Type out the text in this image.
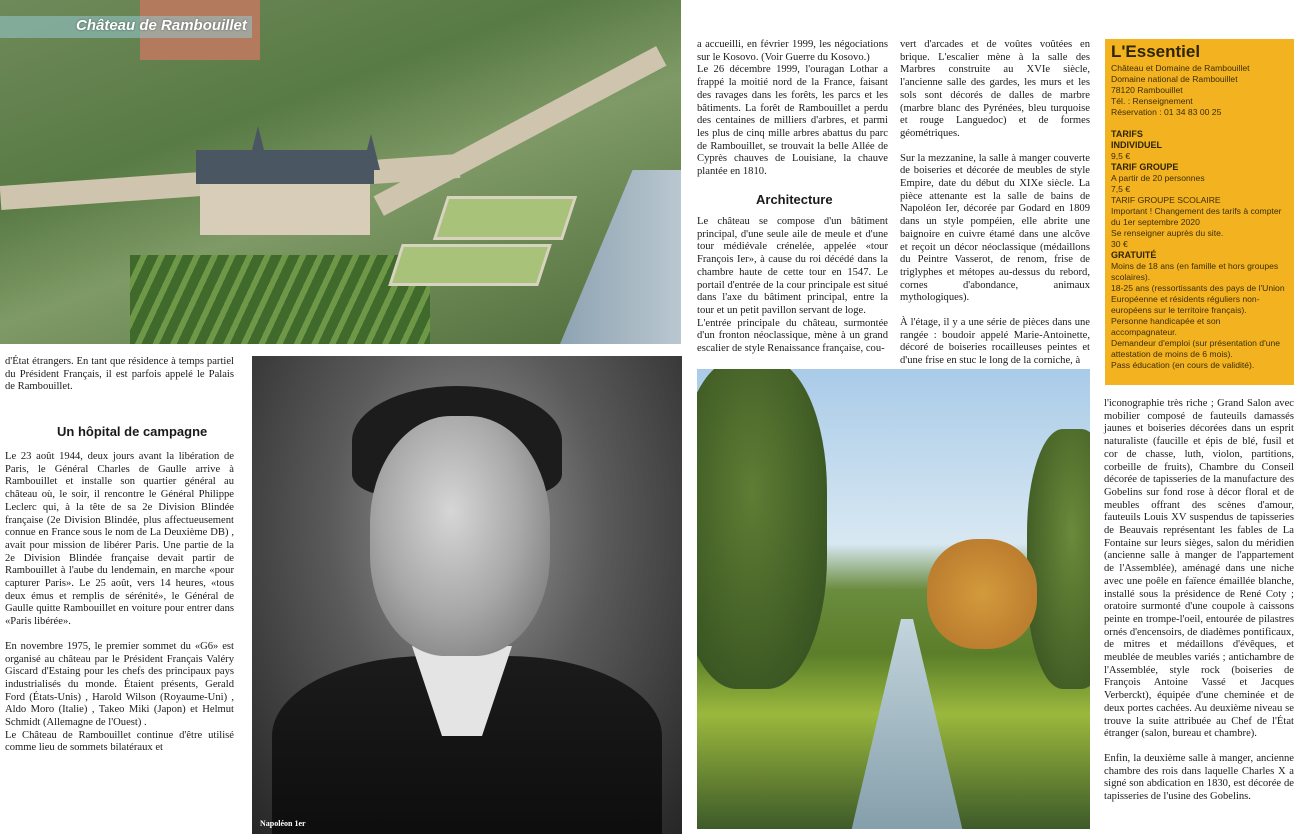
Château de Rambouillet

d'État étrangers. En tant que résidence à temps partiel du Président Français, il est parfois appelé le Palais de Rambouillet.

Un hôpital de campagne

Le 23 août 1944, deux jours avant la libération de Paris, le Général Charles de Gaulle arrive à Rambouillet et installe son quartier général au château où, le soir, il rencontre le Général Philippe Leclerc qui, à la tête de sa 2e Division Blindée française (2e Division Blindée, plus affectueusement connue en France sous le nom de La Deuxième DB) , avait pour mission de libérer Paris. Une partie de la 2e Division Blindée française devait partir de Rambouillet à l'aube du lendemain, en marche «pour capturer Paris». Le 25 août, vers 14 heures, «tous deux émus et remplis de sérénité», le Général de Gaulle quitte Rambouillet en voiture pour entrer dans «Paris libérée».

En novembre 1975, le premier sommet du «G6» est organisé au château par le Président Français Valéry Giscard d'Estaing pour les chefs des principaux pays industrialisés du monde. Étaient présents, Gerald Ford (États-Unis) , Harold Wilson (Royaume-Uni) , Aldo Moro (Italie) , Takeo Miki (Japon) et Helmut Schmidt (Allemagne de l'Ouest) .

Le Château de Rambouillet continue d'être utilisé comme lieu de sommets bilatéraux et

Napoléon 1er

a accueilli, en février 1999, les négociations sur le Kosovo. (Voir Guerre du Kosovo.)

Le 26 décembre 1999, l'ouragan Lothar a frappé la moitié nord de la France, faisant des ravages dans les forêts, les parcs et les bâtiments. La forêt de Rambouillet a perdu des centaines de milliers d'arbres, et parmi les plus de cinq mille arbres abattus du parc de Rambouillet, se trouvait la belle Allée de Cyprès chauves de Louisiane, la chauve plantée en 1810.

Architecture

Le château se compose d'un bâtiment principal, d'une seule aile de meule et d'une tour médiévale crénelée, appelée «tour François Ier», à cause du roi décédé dans la chambre haute de cette tour en 1547. Le portail d'entrée de la cour principale est situé dans l'axe du bâtiment principal, entre la tour et un petit pavillon servant de loge.

L'entrée principale du château, surmontée d'un fronton néoclassique, mène à un grand escalier de style Renaissance française, cou-

vert d'arcades et de voûtes voûtées en brique. L'escalier mène à la salle des Marbres construite au XVIe siècle, l'ancienne salle des gardes, les murs et les sols sont décorés de dalles de marbre (marbre blanc des Pyrénées, bleu turquoise et rouge Languedoc) et de formes géométriques.

Sur la mezzanine, la salle à manger couverte de boiseries et décorée de meubles de style Empire, date du début du XIXe siècle. La pièce attenante est la salle de bains de Napoléon Ier, décorée par Godard en 1809 dans un style pompéien, elle abrite une baignoire en cuivre étamé dans une alcôve et reçoit un décor néoclassique (médaillons du Peintre Vasserot, de renom, frise de triglyphes et métopes au-dessus du rebord, cornes d'abondance, animaux mythologiques).

À l'étage, il y a une série de pièces dans une rangée : boudoir appelé Marie-Antoinette, décoré de boiseries rocailleuses peintes et d'une frise en stuc le long de la corniche, à

L'Essentiel
Château et Domaine de Rambouillet
Domaine national de Rambouillet
78120 Rambouillet
Tél. : Renseignement
Réservation : 01 34 83 00 25
TARIFS
INDIVIDUEL
9,5 €
TARIF GROUPE
A partir de 20 personnes
7,5 €
TARIF GROUPE SCOLAIRE
Important ! Changement des tarifs à compter du 1er septembre 2020
Se renseigner auprès du site.
30 €
GRATUITÉ
Moins de 18 ans (en famille et hors groupes scolaires).
18-25 ans (ressortissants des pays de l'Union Européenne et résidents réguliers non-européens sur le territoire français).
Personne handicapée et son accompagnateur.
Demandeur d'emploi (sur présentation d'une attestation de moins de 6 mois).
Pass éducation (en cours de validité).

l'iconographie très riche ; Grand Salon avec mobilier composé de fauteuils damassés jaunes et boiseries décorées dans un esprit naturaliste (faucille et épis de blé, fusil et cor de chasse, luth, violon, partitions, corbeille de fruits), Chambre du Conseil décorée de tapisseries de la manufacture des Gobelins sur fond rose à décor floral et de meubles offrant des scènes d'amour, fauteuils Louis XV suspendus de tapisseries de Beauvais représentant les fables de La Fontaine sur leurs sièges, salon du méridien (ancienne salle à manger de l'appartement de l'Assemblée), aménagé dans une niche avec une poêle en faïence émaillée blanche, installé sous la présidence de René Coty ; oratoire surmonté d'une coupole à caissons peinte en trompe-l'oeil, entourée de pilastres ornés d'encensoirs, de diadèmes pontificaux, de mitres et médaillons d'évêques, et meublée de meubles variés ; antichambre de l'Assemblée, style rock (boiseries de François Antoine Vassé et Jacques Verberckt), équipée d'une cheminée et de deux portes cachées. Au deuxième niveau se trouve la suite attribuée au Chef de l'État étranger (salon, bureau et chambre).

Enfin, la deuxième salle à manger, ancienne chambre des rois dans laquelle Charles X a signé son abdication en 1830, est décorée de tapisseries de l'usine des Gobelins.
